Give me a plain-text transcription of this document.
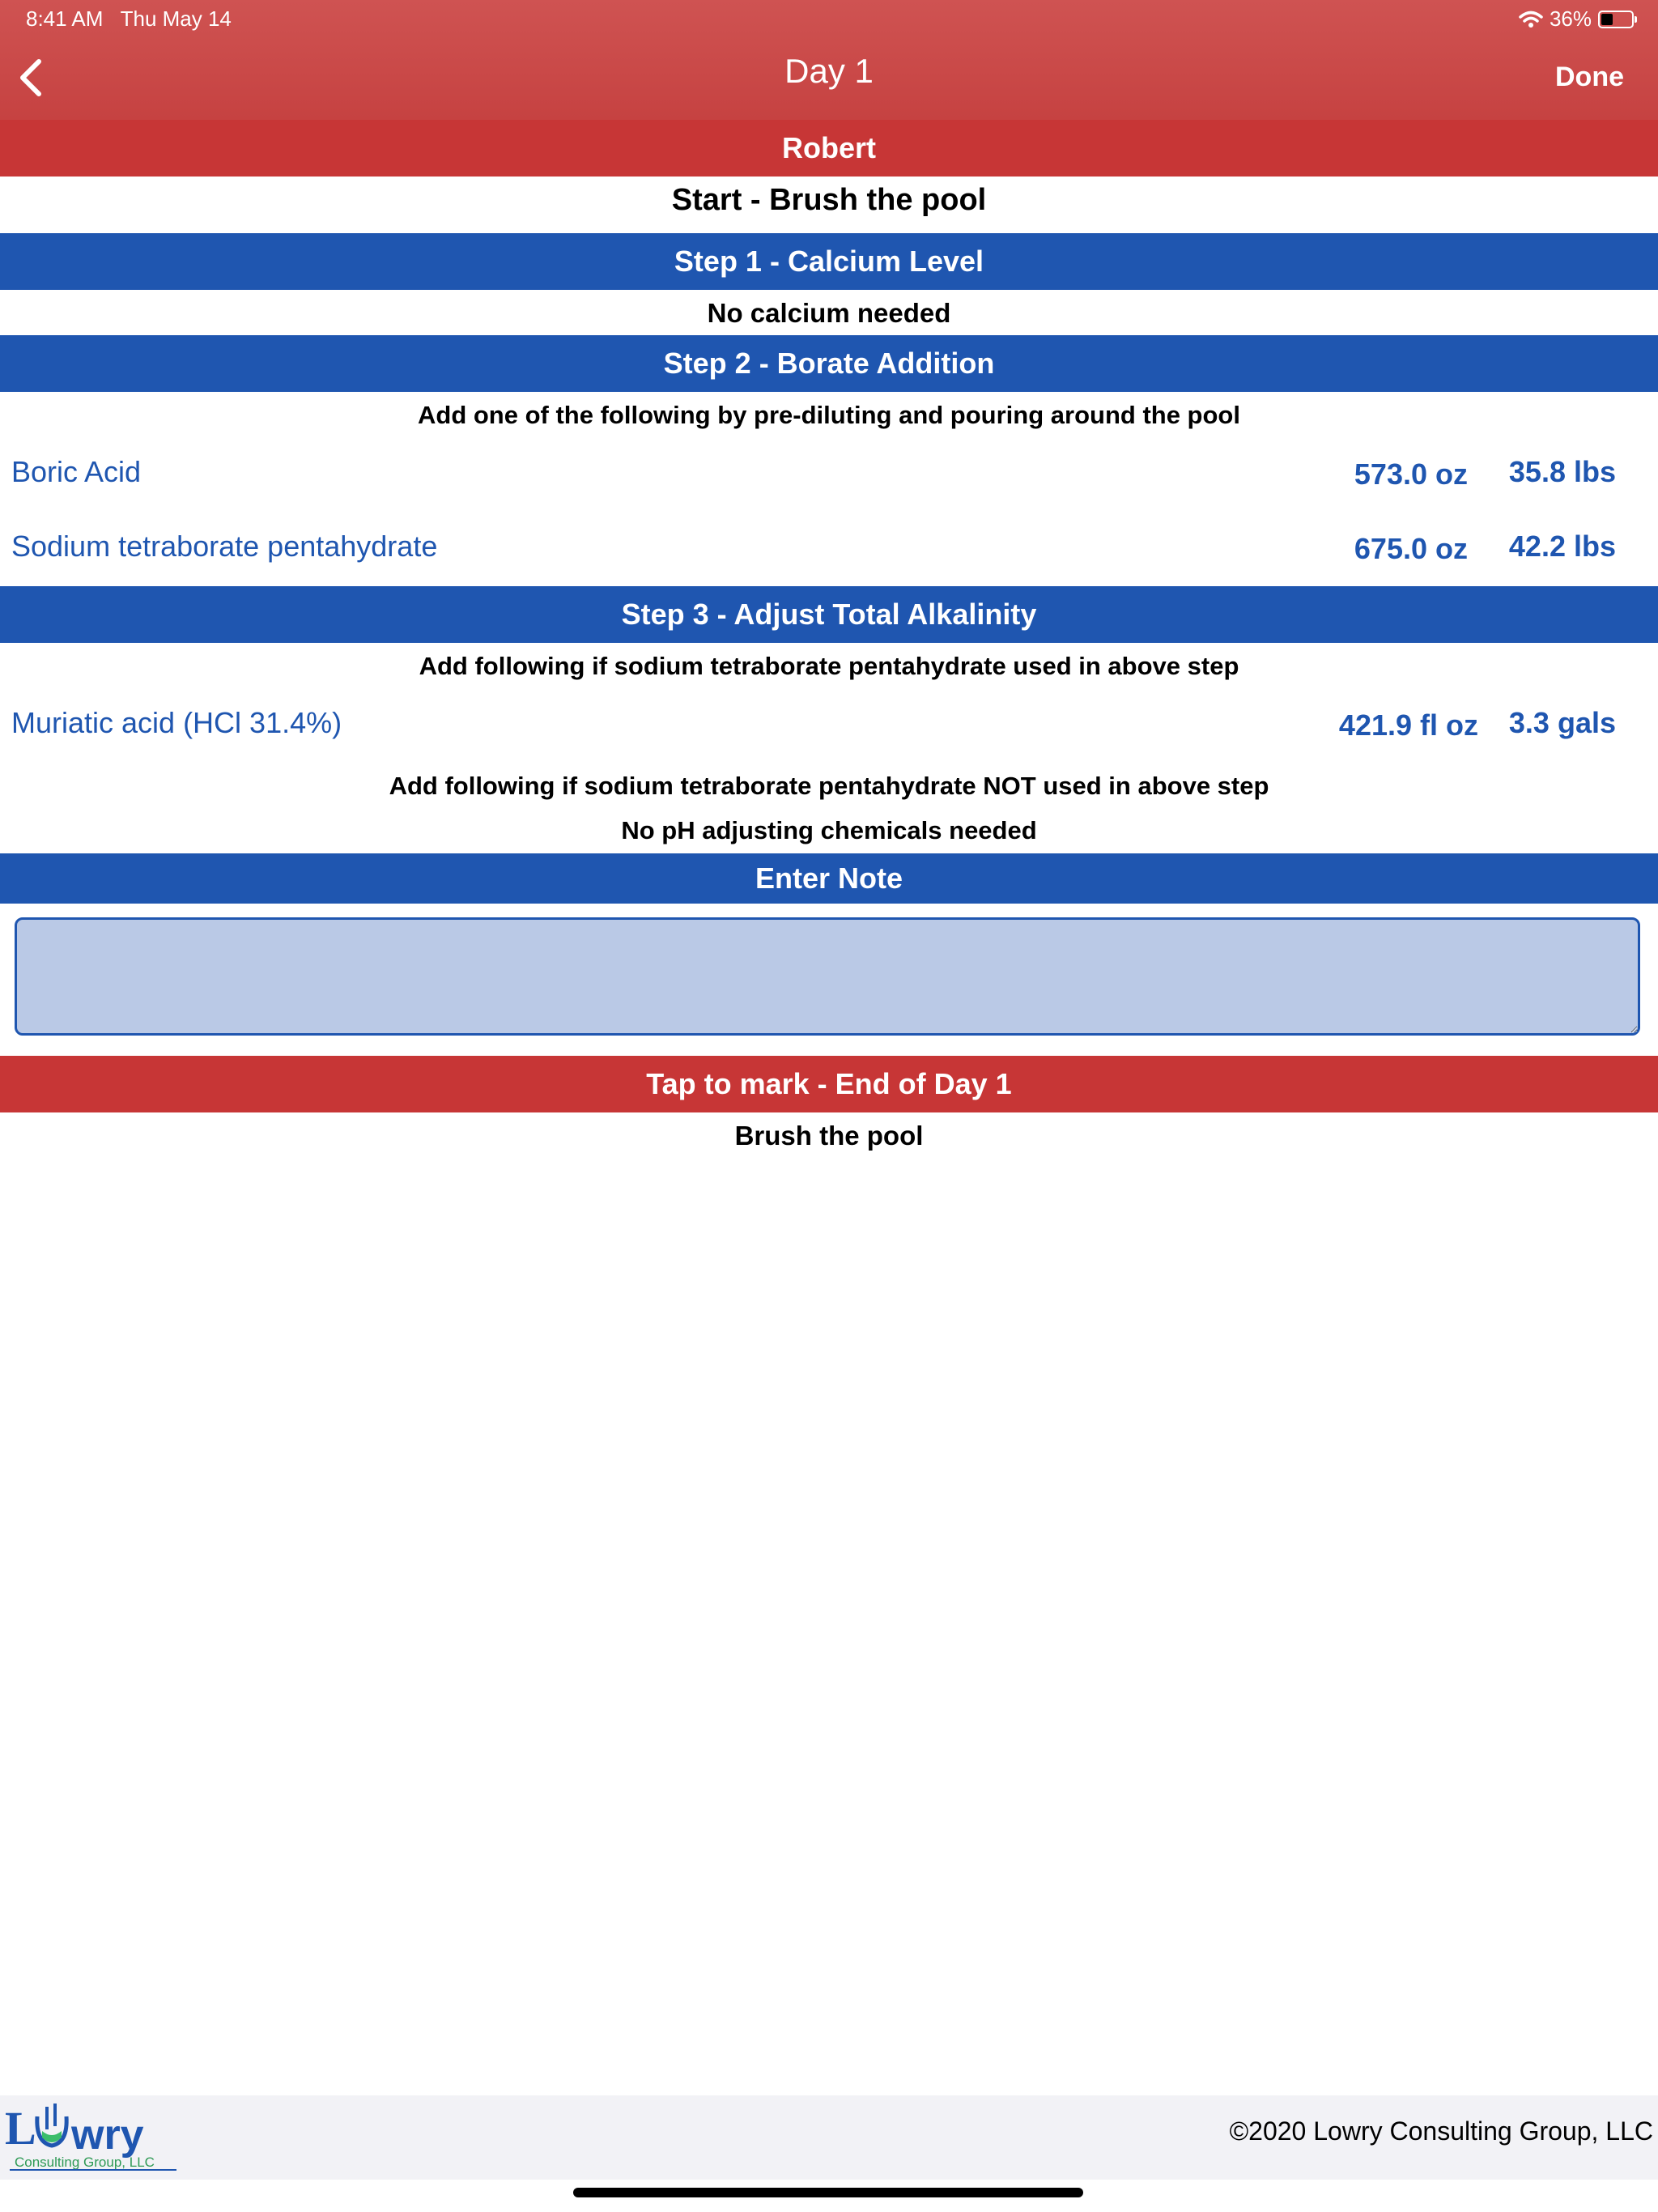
8:41 AM Thu May 14	36%
Day 1	Done
Robert
Start - Brush the pool
Step 1 - Calcium Level
No calcium needed
Step 2 - Borate Addition
Add one of the following by pre-diluting and pouring around the pool
Boric Acid	573.0 oz 35.8 lbs
Sodium tetraborate pentahydrate	675.0 oz 42.2 lbs
Step 3 - Adjust Total Alkalinity
Add following if sodium tetraborate pentahydrate used in above step
Muriatic acid (HCl 31.4%)	421.9 fl oz 3.3 gals
Add following if sodium tetraborate pentahydrate NOT used in above step
No pH adjusting chemicals needed
Enter Note
Tap to mark - End of Day 1
Brush the pool
L wry
Consulting Group, LLC
©2020 Lowry Consulting Group, LLC
